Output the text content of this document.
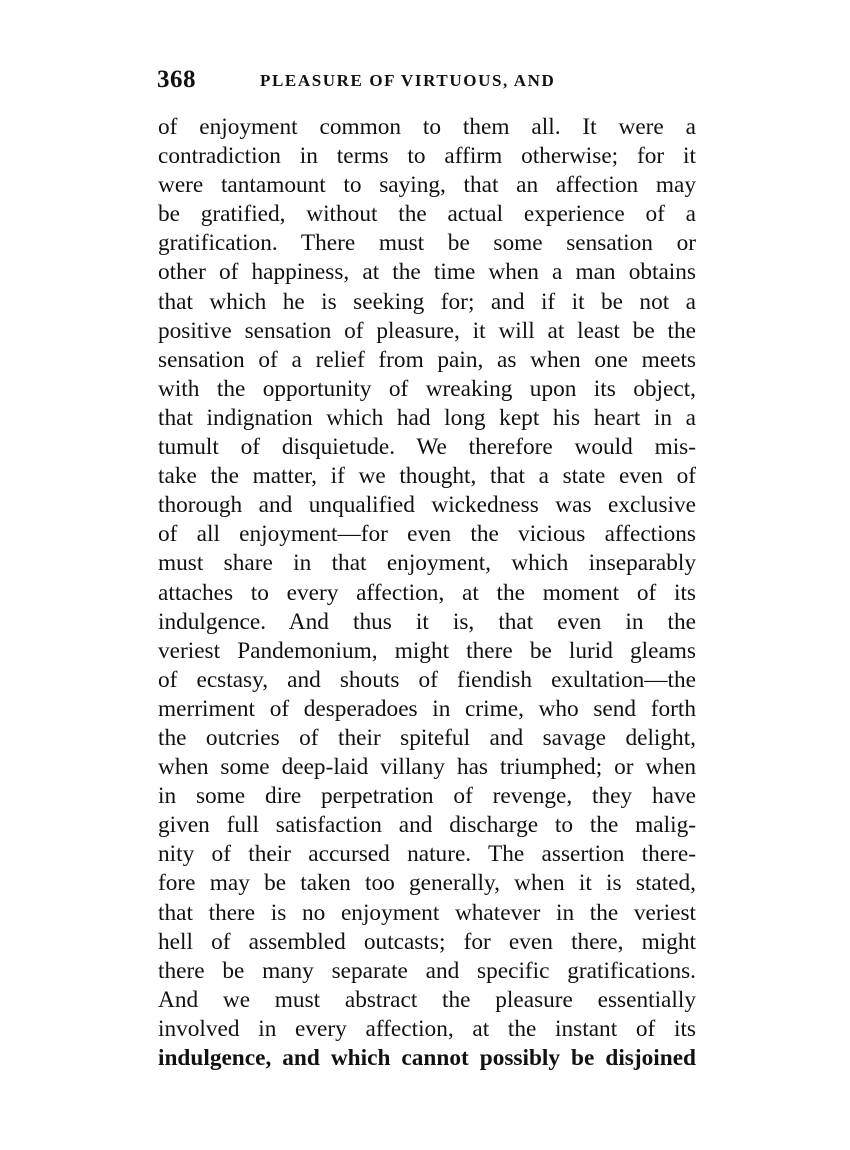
368	PLEASURE OF VIRTUOUS, AND
of enjoyment common to them all. It were a
contradiction in terms to affirm otherwise; for it
were tantamount to saying, that an affection may
be gratified, without the actual experience of a
gratification. There must be some sensation or
other of happiness, at the time when a man obtains
that which he is seeking for; and if it be not a
positive sensation of pleasure, it will at least be the
sensation of a relief from pain, as when one meets
with the opportunity of wreaking upon its object,
that indignation which had long kept his heart in a
tumult of disquietude. We therefore would mis-
take the matter, if we thought, that a state even of
thorough and unqualified wickedness was exclusive
of all enjoyment—for even the vicious affections
must share in that enjoyment, which inseparably
attaches to every affection, at the moment of its
indulgence. And thus it is, that even in the
veriest Pandemonium, might there be lurid gleams
of ecstasy, and shouts of fiendish exultation—the
merriment of desperadoes in crime, who send forth
the outcries of their spiteful and savage delight,
when some deep-laid villany has triumphed; or when
in some dire perpetration of revenge, they have
given full satisfaction and discharge to the malig-
nity of their accursed nature. The assertion there-
fore may be taken too generally, when it is stated,
that there is no enjoyment whatever in the veriest
hell of assembled outcasts; for even there, might
there be many separate and specific gratifications.
And we must abstract the pleasure essentially
involved in every affection, at the instant of its
indulgence, and which cannot possibly be disjoined
